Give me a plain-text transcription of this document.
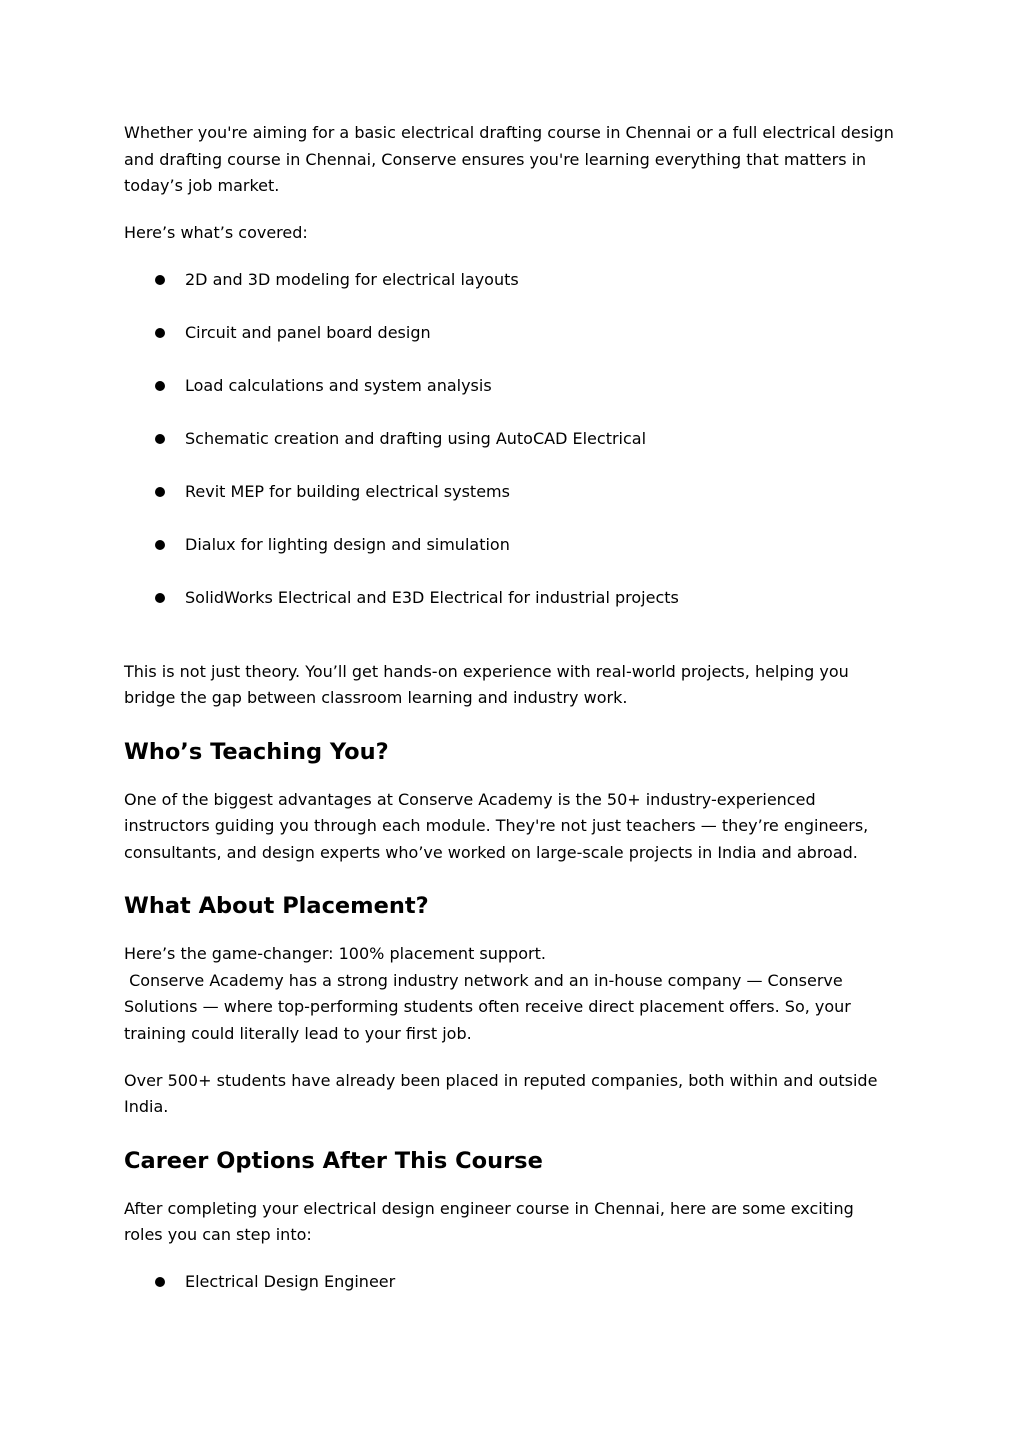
Whether you're aiming for a basic electrical drafting course in Chennai or a full electrical design and drafting course in Chennai, Conserve ensures you're learning everything that matters in today’s job market.

Here’s what’s covered:

2D and 3D modeling for electrical layouts
Circuit and panel board design
Load calculations and system analysis
Schematic creation and drafting using AutoCAD Electrical
Revit MEP for building electrical systems
Dialux for lighting design and simulation
SolidWorks Electrical and E3D Electrical for industrial projects

This is not just theory. You’ll get hands-on experience with real-world projects, helping you bridge the gap between classroom learning and industry work.

Who’s Teaching You?

One of the biggest advantages at Conserve Academy is the 50+ industry-experienced instructors guiding you through each module. They're not just teachers — they’re engineers, consultants, and design experts who’ve worked on large-scale projects in India and abroad.

What About Placement?

Here’s the game-changer: 100% placement support.

Conserve Academy has a strong industry network and an in-house company — Conserve Solutions — where top-performing students often receive direct placement offers. So, your training could literally lead to your first job.

Over 500+ students have already been placed in reputed companies, both within and outside India.

Career Options After This Course

After completing your electrical design engineer course in Chennai, here are some exciting roles you can step into:

Electrical Design Engineer
